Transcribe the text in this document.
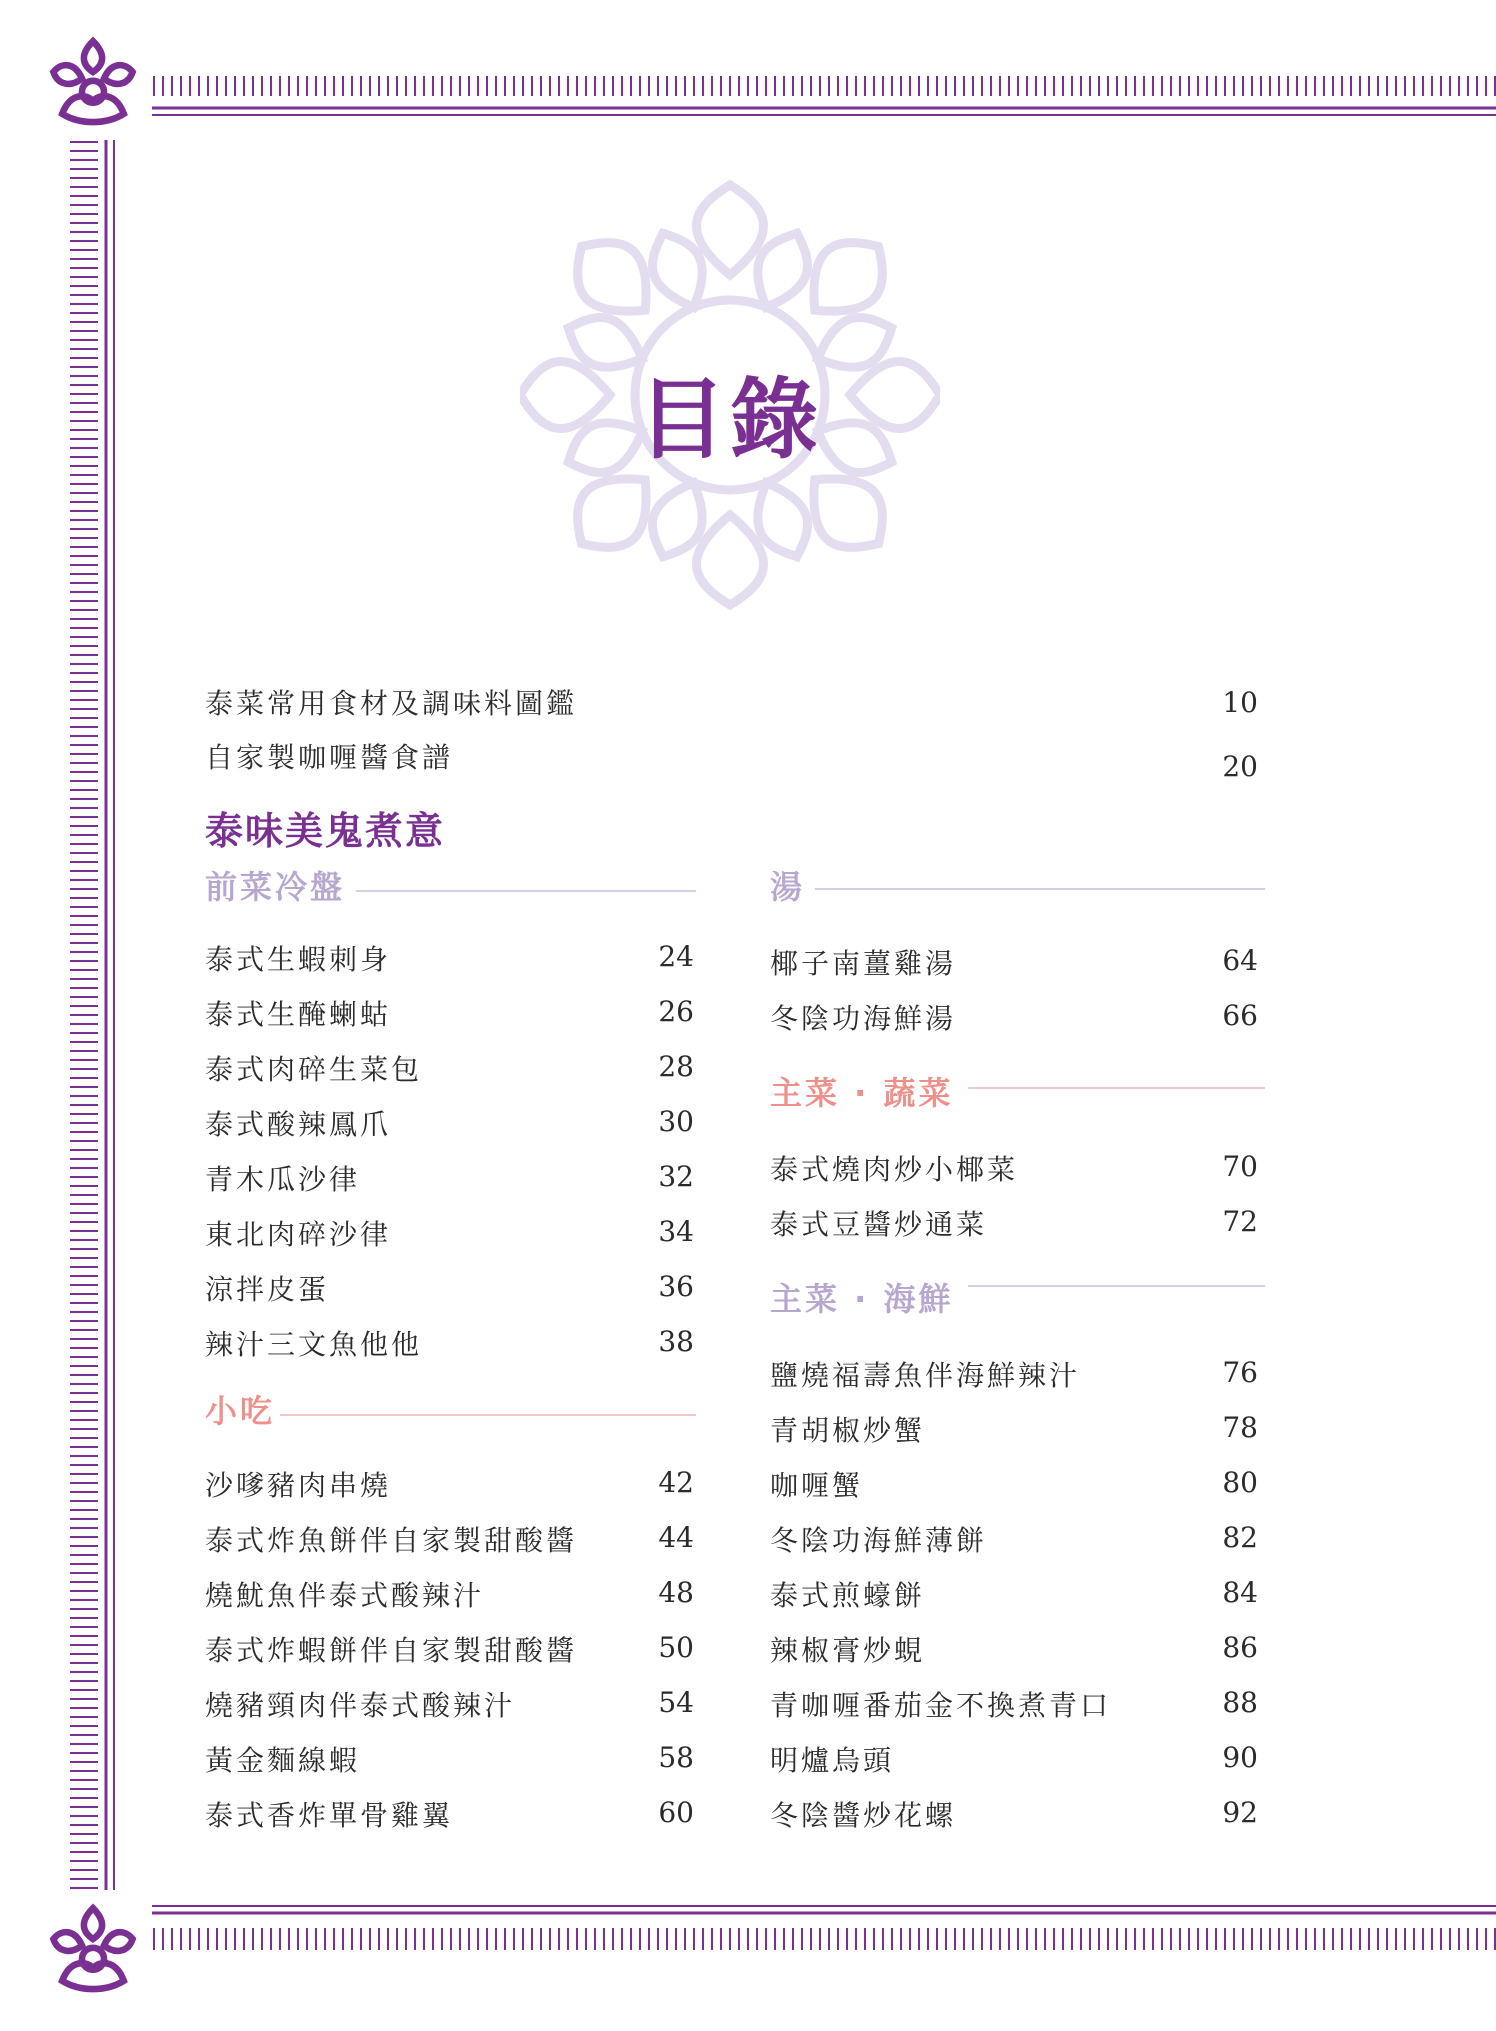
目錄
泰菜常用食材及調味料圖鑑	10
自家製咖喱醬食譜	20
泰味美鬼煮意
前菜冷盤
泰式生蝦刺身	24
泰式生醃蝲蛄	26
泰式肉碎生菜包	28
泰式酸辣鳳爪	30
青木瓜沙律	32
東北肉碎沙律	34
涼拌皮蛋	36
辣汁三文魚他他	38
小吃
沙嗲豬肉串燒	42
泰式炸魚餅伴自家製甜酸醬	44
燒魷魚伴泰式酸辣汁	48
泰式炸蝦餅伴自家製甜酸醬	50
燒豬頸肉伴泰式酸辣汁	54
黃金麵線蝦	58
泰式香炸單骨雞翼	60
湯
椰子南薑雞湯	64
冬陰功海鮮湯	66
主菜 · 蔬菜
泰式燒肉炒小椰菜	70
泰式豆醬炒通菜	72
主菜 · 海鮮
鹽燒福壽魚伴海鮮辣汁	76
青胡椒炒蟹	78
咖喱蟹	80
冬陰功海鮮薄餅	82
泰式煎蠔餅	84
辣椒膏炒蜆	86
青咖喱番茄金不換煮青口	88
明爐烏頭	90
冬陰醬炒花螺	92
